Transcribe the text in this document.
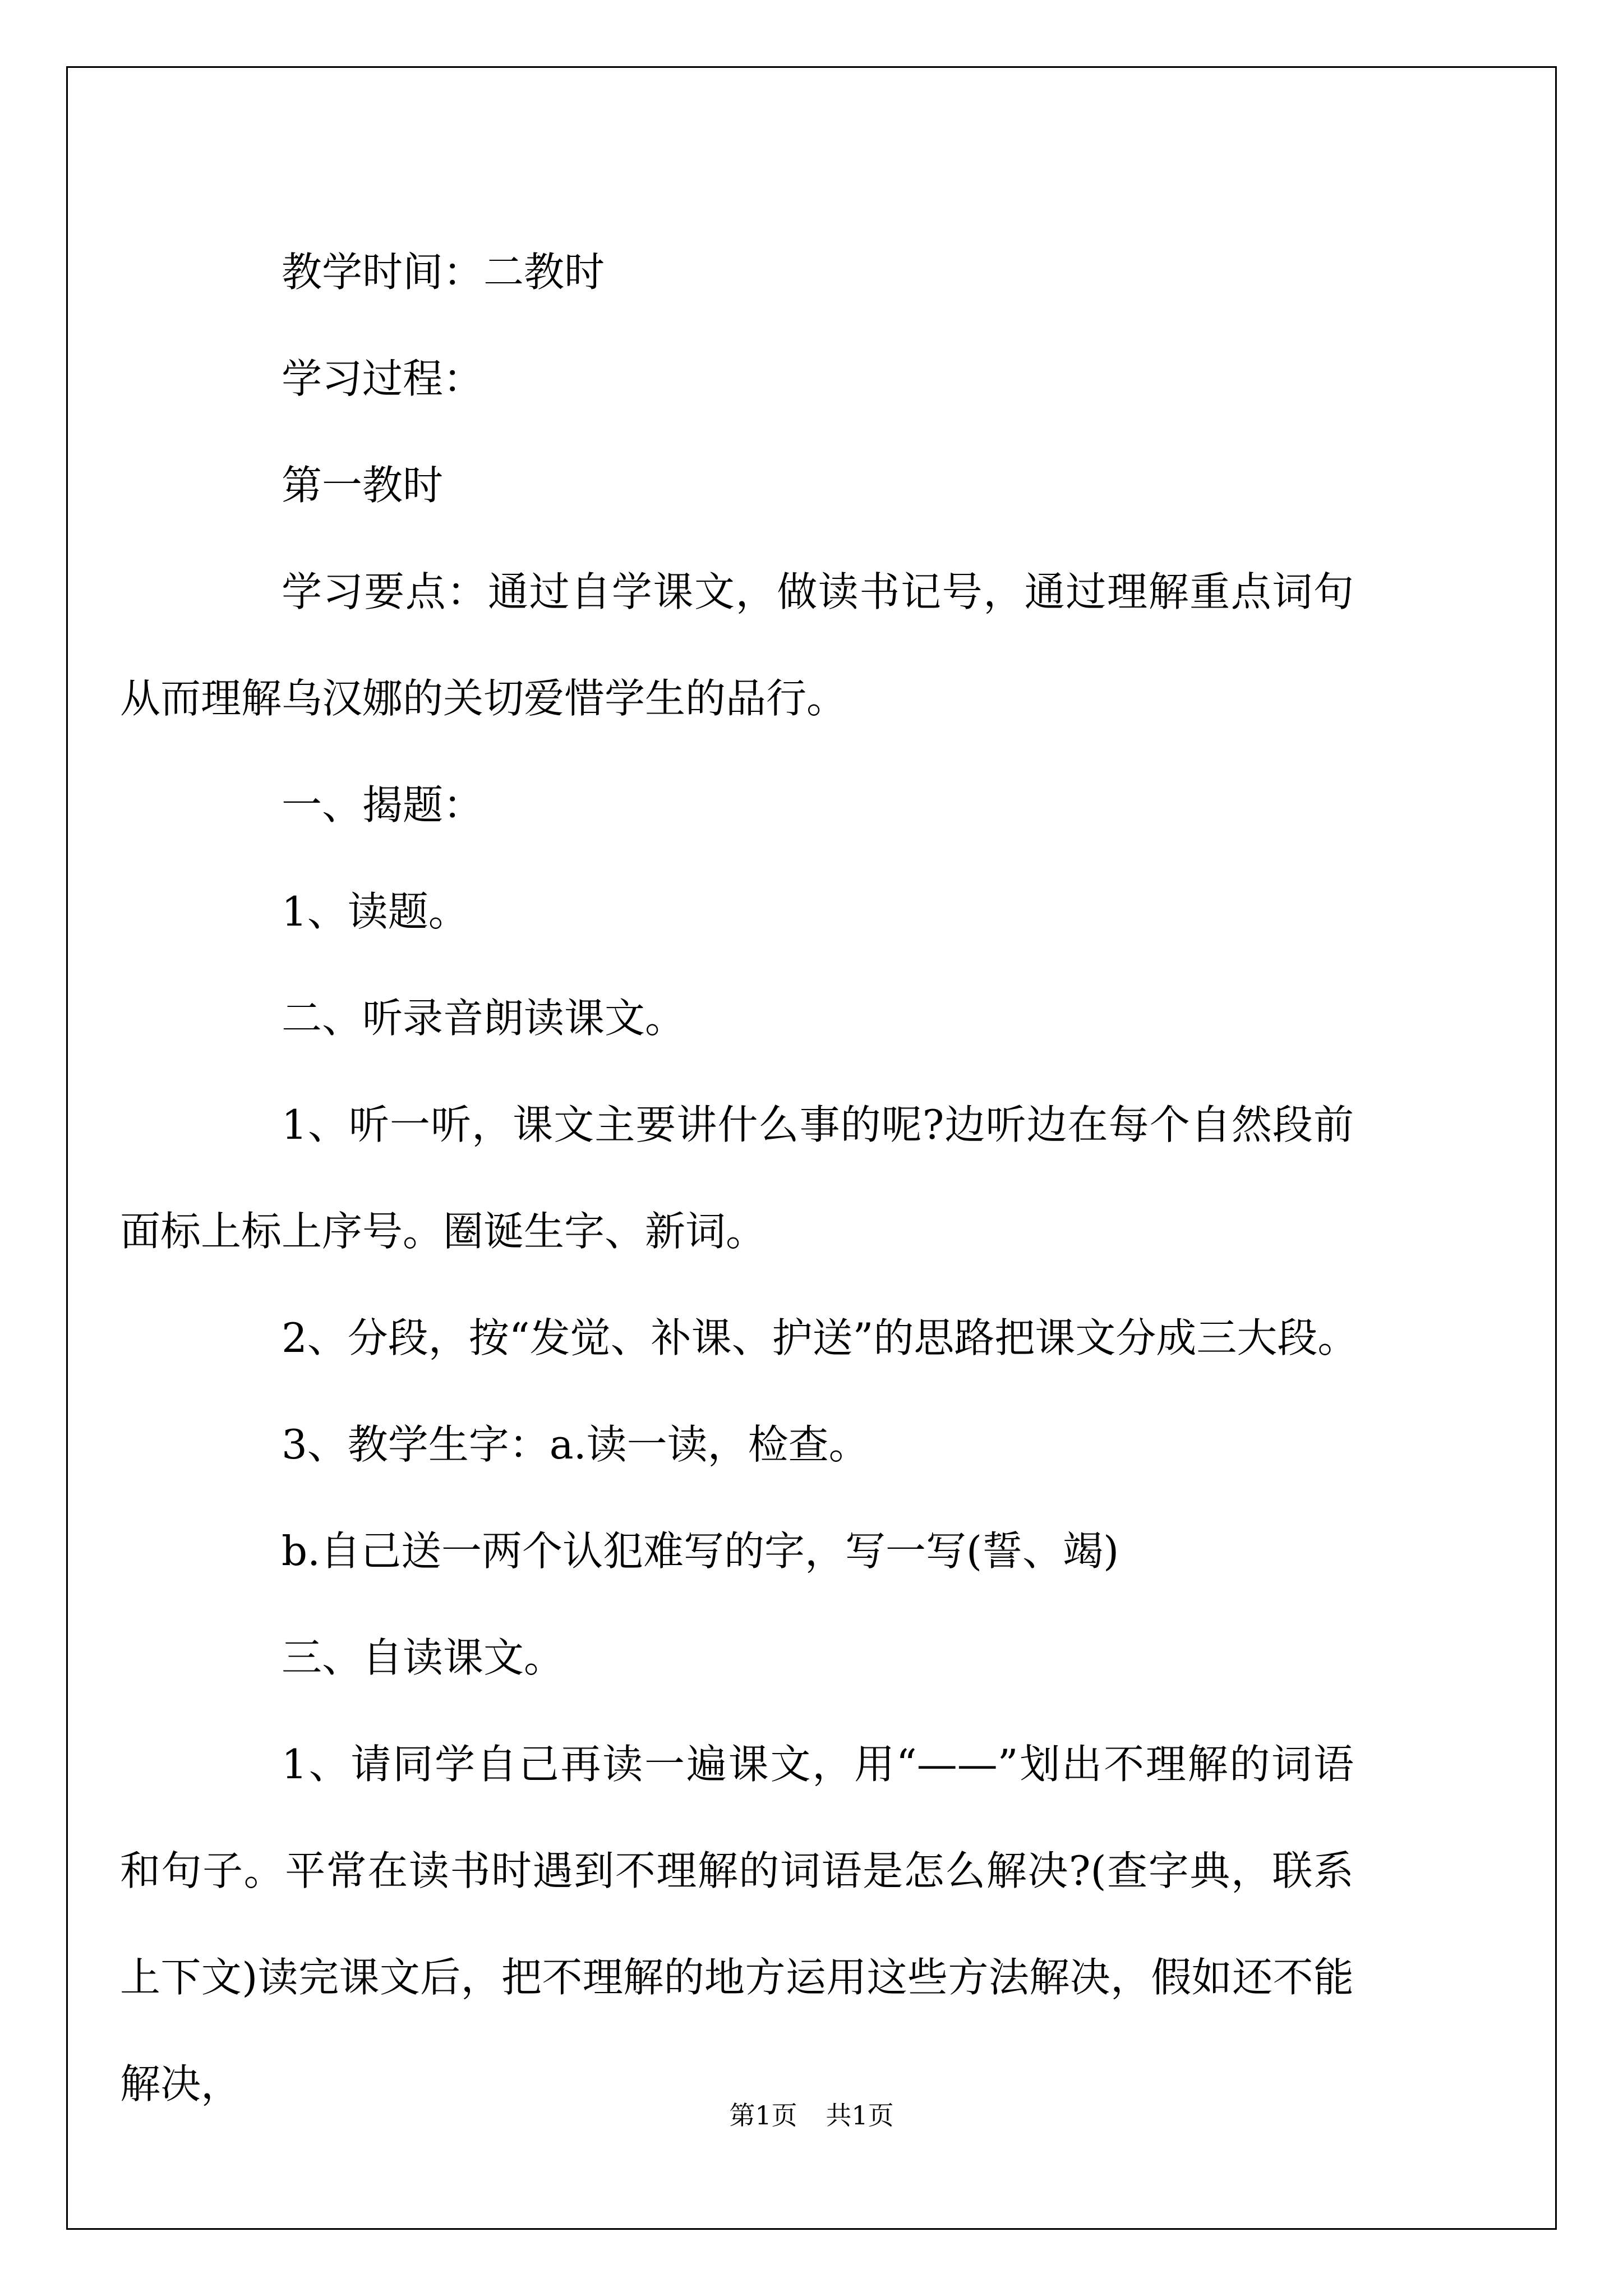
教学时间：二教时

学习过程：

第一教时

学习要点：通过自学课文，做读书记号，通过理解重点词句从而理解乌汉娜的关切爱惜学生的品行。

一、揭题：

1、读题。

二、听录音朗读课文。

1、听一听，课文主要讲什么事的呢?边听边在每个自然段前面标上标上序号。圈诞生字、新词。

2、分段，按“发觉、补课、护送”的思路把课文分成三大段。

3、教学生字：a.读一读，检查。

b.自己送一两个认犯难写的字，写一写(誓、竭)

三、自读课文。

1、请同学自己再读一遍课文，用“——”划出不理解的词语和句子。平常在读书时遇到不理解的词语是怎么解决?(查字典，联系上下文)读完课文后，把不理解的地方运用这些方法解决，假如还不能解决，

第1页 共1页
